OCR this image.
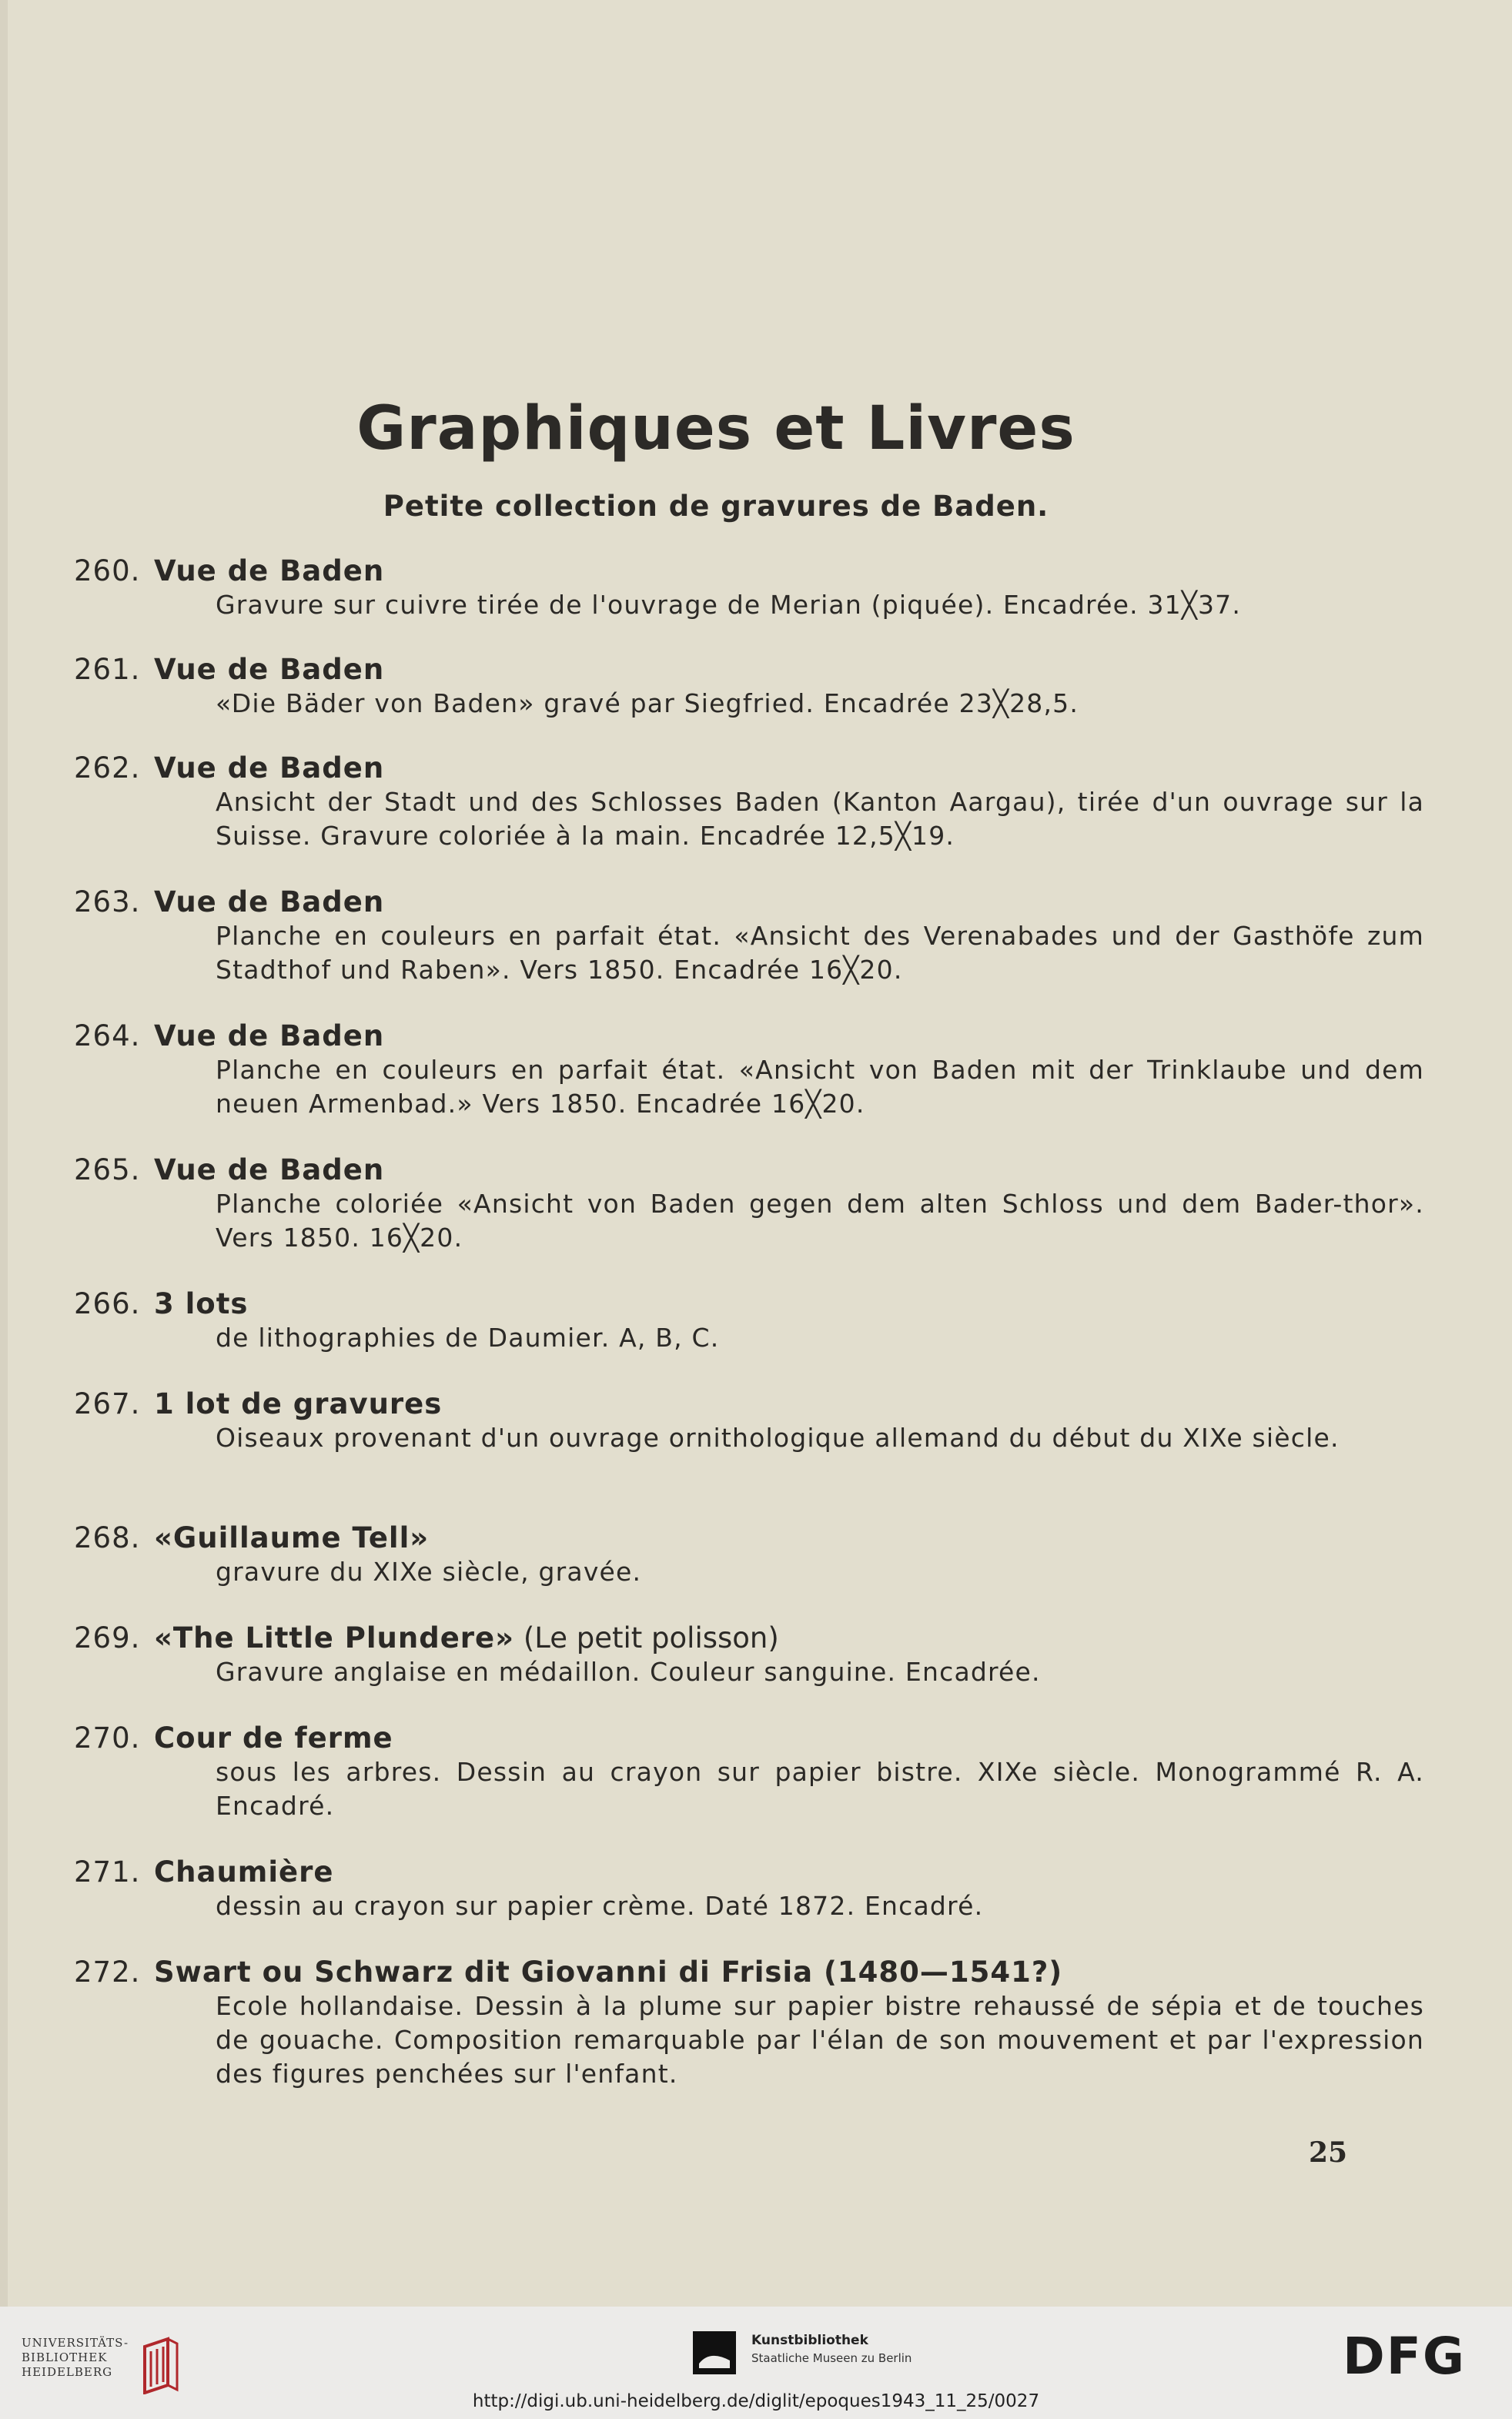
Graphiques et Livres
Petite collection de gravures de Baden.
260. Vue de Baden
Gravure sur cuivre tirée de l'ouvrage de Merian (piquée). Encadrée. 31╳37.
261. Vue de Baden
«Die Bäder von Baden» gravé par Siegfried. Encadrée 23╳28,5.
262. Vue de Baden
Ansicht der Stadt und des Schlosses Baden (Kanton Aargau), tirée d'un ouvrage sur la Suisse. Gravure coloriée à la main. Encadrée 12,5╳19.
263. Vue de Baden
Planche en couleurs en parfait état. «Ansicht des Verenabades und der Gasthöfe zum Stadthof und Raben». Vers 1850. Encadrée 16╳20.
264. Vue de Baden
Planche en couleurs en parfait état. «Ansicht von Baden mit der Trinklaube und dem neuen Armenbad.» Vers 1850. Encadrée 16╳20.
265. Vue de Baden
Planche coloriée «Ansicht von Baden gegen dem alten Schloss und dem Bader-thor». Vers 1850. 16╳20.
266. 3 lots
de lithographies de Daumier. A, B, C.
267. 1 lot de gravures
Oiseaux provenant d'un ouvrage ornithologique allemand du début du XIXe siècle.
268. «Guillaume Tell»
gravure du XIXe siècle, gravée.
269. «The Little Plundere» (Le petit polisson)
Gravure anglaise en médaillon. Couleur sanguine. Encadrée.
270. Cour de ferme
sous les arbres. Dessin au crayon sur papier bistre. XIXe siècle. Monogrammé R. A. Encadré.
271. Chaumière
dessin au crayon sur papier crème. Daté 1872. Encadré.
272. Swart ou Schwarz dit Giovanni di Frisia (1480—1541?)
Ecole hollandaise. Dessin à la plume sur papier bistre rehaussé de sépia et de touches de gouache. Composition remarquable par l'élan de son mouvement et par l'expression des figures penchées sur l'enfant.
25
UNIVERSITÄTS-
BIBLIOTHEK
HEIDELBERG
Kunstbibliothek
Staatliche Museen zu Berlin	DFG
http://digi.ub.uni-heidelberg.de/diglit/epoques1943_11_25/0027
